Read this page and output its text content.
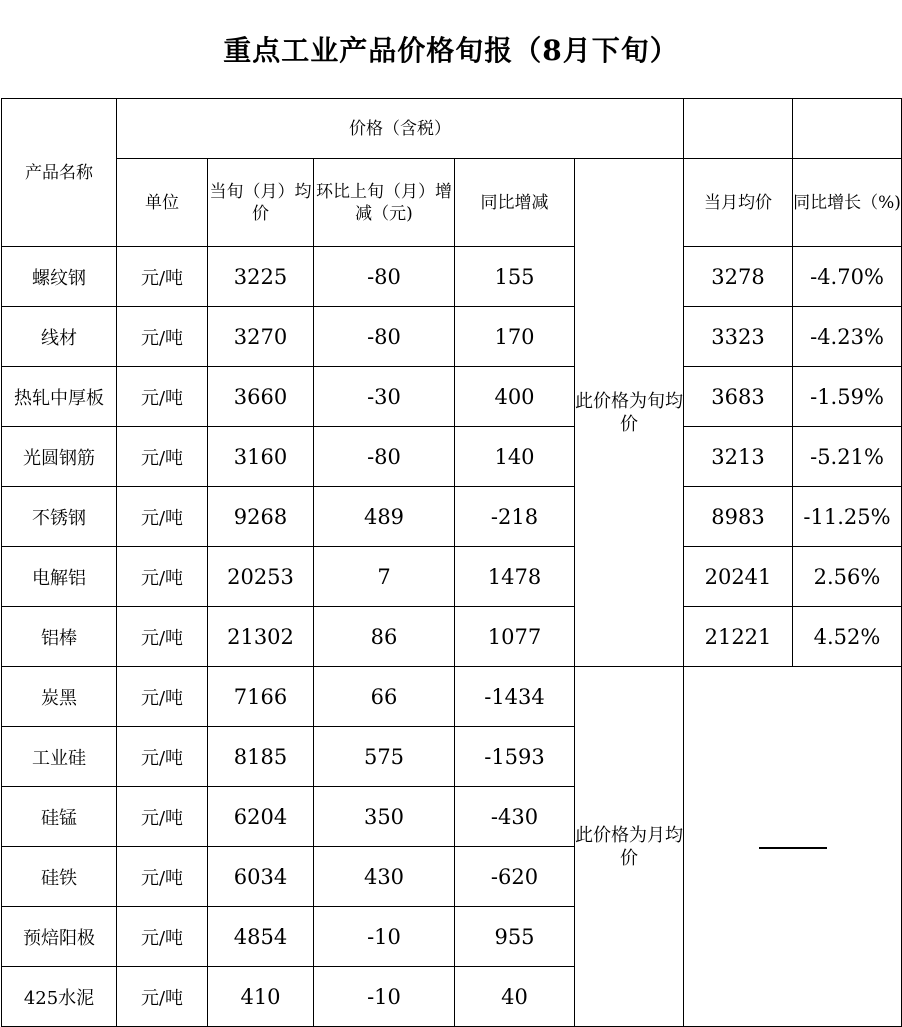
重点工业产品价格旬报（8月下旬）
产品名称	价格（含税）						
	单位	当旬（月）均价	环比上旬（月）增减（元)	同比增减	此价格为旬均价	当月均价	同比增长（%)
螺纹钢	元/吨	3225	-80	155		3278	-4.70%
线材	元/吨	3270	-80	170		3323	-4.23%
热轧中厚板	元/吨	3660	-30	400		3683	-1.59%
光圆钢筋	元/吨	3160	-80	140		3213	-5.21%
不锈钢	元/吨	9268	489	-218		8983	-11.25%
电解铝	元/吨	20253	7	1478		20241	2.56%
铝棒	元/吨	21302	86	1077		21221	4.52%
炭黑	元/吨	7166	66	-1434	此价格为月均价		
工业硅	元/吨	8185	575	-1593			
硅锰	元/吨	6204	350	-430			
硅铁	元/吨	6034	430	-620			
预焙阳极	元/吨	4854	-10	955			
425水泥	元/吨	410	-10	40			
